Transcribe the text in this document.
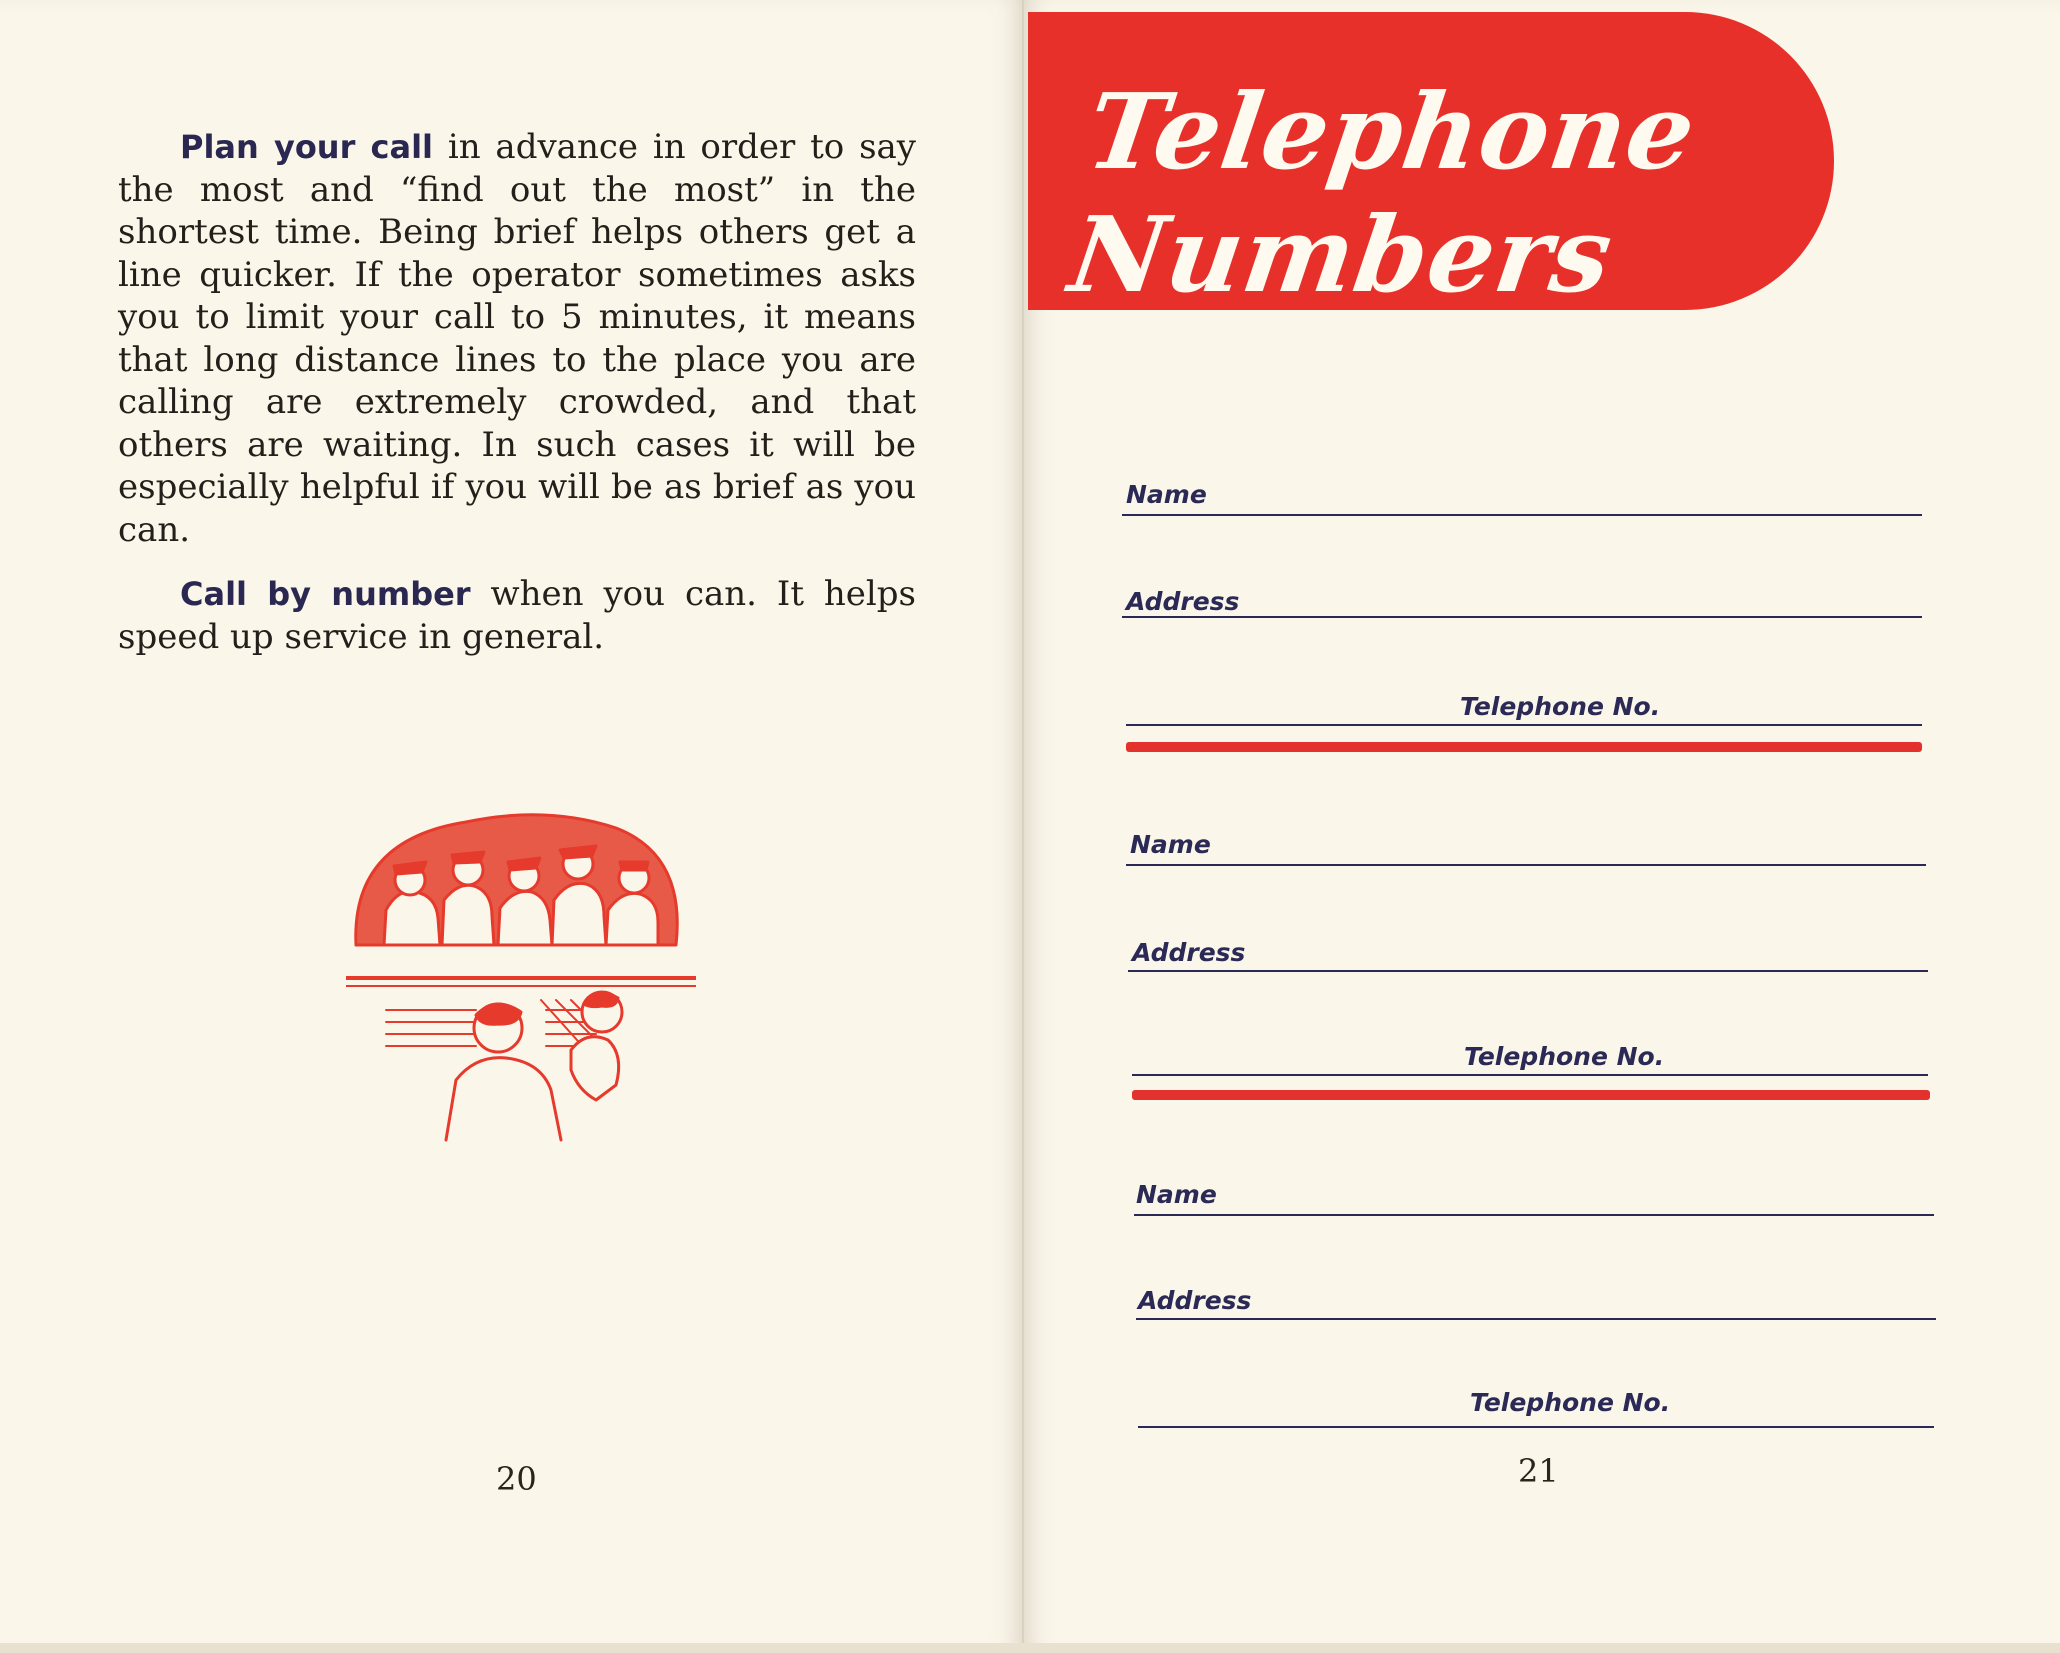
Plan your call in advance in order to say the most and “find out the most” in the shortest time. Being brief helps others get a line quicker. If the operator sometimes asks you to limit your call to 5 minutes, it means that long distance lines to the place you are calling are extremely crowded, and that others are waiting. In such cases it will be especially helpful if you will be as brief as you can.

Call by number when you can. It helps speed up service in general.

20
Telephone Numbers
Name
Address
Telephone No.
Name
Address
Telephone No.
Name
Address
Telephone No.
21
